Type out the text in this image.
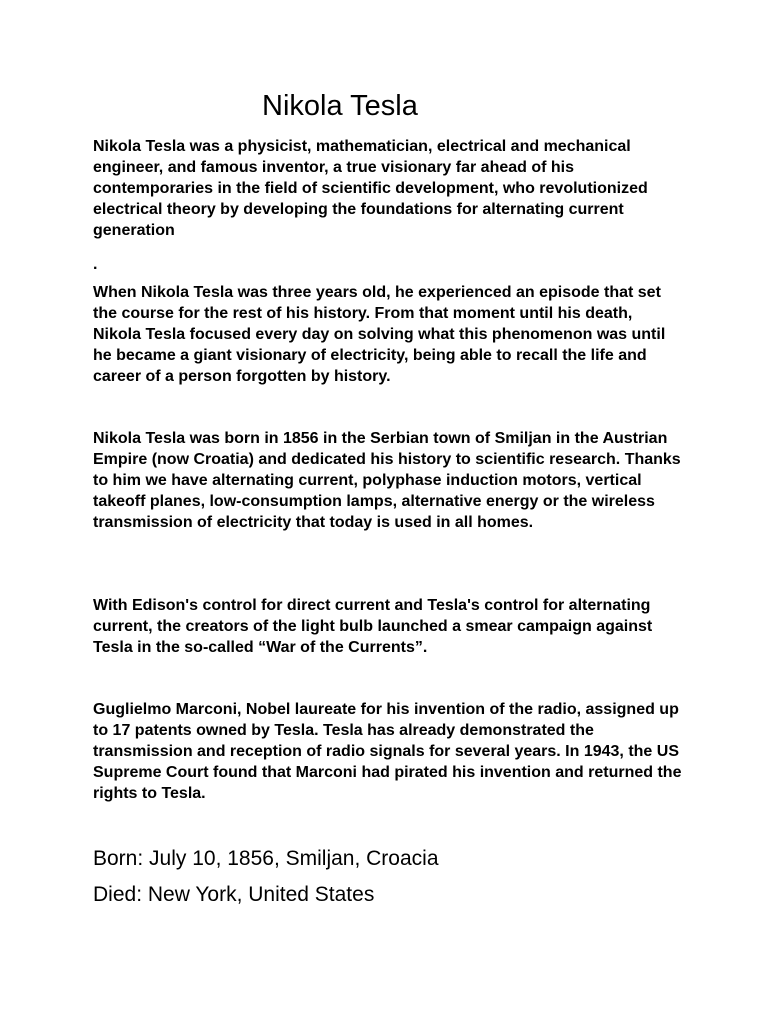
Nikola Tesla

Nikola Tesla was a physicist, mathematician, electrical and mechanical engineer, and famous inventor, a true visionary far ahead of his contemporaries in the field of scientific development, who revolutionized electrical theory by developing the foundations for alternating current generation

.

When Nikola Tesla was three years old, he experienced an episode that set the course for the rest of his history. From that moment until his death, Nikola Tesla focused every day on solving what this phenomenon was until he became a giant visionary of electricity, being able to recall the life and career of a person forgotten by history.

Nikola Tesla was born in 1856 in the Serbian town of Smiljan in the Austrian Empire (now Croatia) and dedicated his history to scientific research. Thanks to him we have alternating current, polyphase induction motors, vertical takeoff planes, low-consumption lamps, alternative energy or the wireless transmission of electricity that today is used in all homes.

With Edison's control for direct current and Tesla's control for alternating current, the creators of the light bulb launched a smear campaign against Tesla in the so-called “War of the Currents”.

Guglielmo Marconi, Nobel laureate for his invention of the radio, assigned up to 17 patents owned by Tesla. Tesla has already demonstrated the transmission and reception of radio signals for several years. In 1943, the US Supreme Court found that Marconi had pirated his invention and returned the rights to Tesla.

Born: July 10, 1856, Smiljan, Croacia

Died: New York, United States
